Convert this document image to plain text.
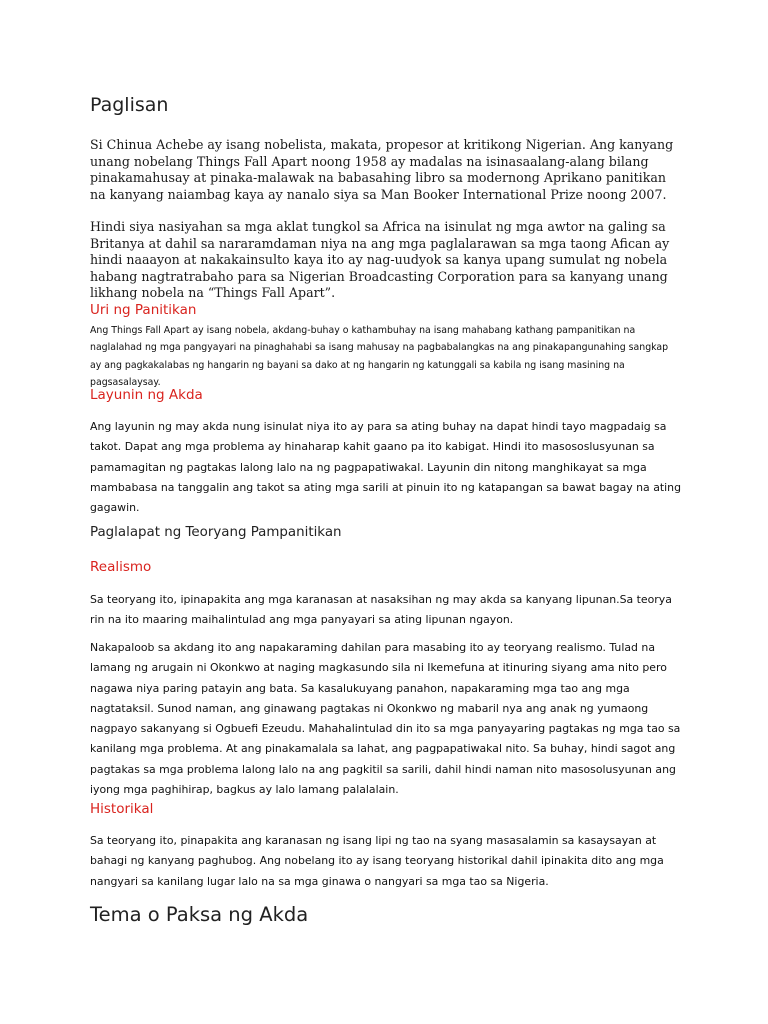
Paglisan

Si Chinua Achebe ay isang nobelista, makata, propesor at kritikong Nigerian. Ang kanyang unang nobelang Things Fall Apart noong 1958 ay madalas na isinasaalang-alang bilang pinakamahusay at pinaka-malawak na babasahing libro sa modernong Aprikano panitikan na kanyang naiambag kaya ay nanalo siya sa Man Booker International Prize noong 2007.

Hindi siya nasiyahan sa mga aklat tungkol sa Africa na isinulat ng mga awtor na galing sa Britanya at dahil sa nararamdaman niya na ang mga paglalarawan sa mga taong Afican ay hindi naaayon at nakakainsulto kaya ito ay nag-uudyok sa kanya upang sumulat ng nobela habang nagtratrabaho para sa Nigerian Broadcasting Corporation para sa kanyang unang likhang nobela na “Things Fall Apart”.

Uri ng Panitikan

Ang Things Fall Apart ay isang nobela, akdang-buhay o kathambuhay na isang mahabang kathang pampanitikan na naglalahad ng mga pangyayari na pinaghahabi sa isang mahusay na pagbabalangkas na ang pinakapangunahing sangkap ay ang pagkakalabas ng hangarin ng bayani sa dako at ng hangarin ng katunggali sa kabila ng isang masining na pagsasalaysay.

Layunin ng Akda

Ang layunin ng may akda nung isinulat niya ito ay para sa ating buhay na dapat hindi tayo magpadaig sa takot. Dapat ang mga problema ay hinaharap kahit gaano pa ito kabigat. Hindi ito masososlusyunan sa pamamagitan ng pagtakas lalong lalo na ng pagpapatiwakal. Layunin din nitong manghikayat sa mga mambabasa na tanggalin ang takot sa ating mga sarili at pinuin ito ng katapangan sa bawat bagay na ating gagawin.

Paglalapat ng Teoryang Pampanitikan
Realismo

Sa teoryang ito, ipinapakita ang mga karanasan at nasaksihan ng may akda sa kanyang lipunan.Sa teorya rin na ito maaring maihalintulad ang mga panyayari sa ating lipunan ngayon.

Nakapaloob sa akdang ito ang napakaraming dahilan para masabing ito ay teoryang realismo. Tulad na lamang ng arugain ni Okonkwo at naging magkasundo sila ni Ikemefuna at itinuring siyang ama nito pero nagawa niya paring patayin ang bata. Sa kasalukuyang panahon, napakaraming mga tao ang mga nagtataksil. Sunod naman, ang ginawang pagtakas ni Okonkwo ng mabaril nya ang anak ng yumaong nagpayo sakanyang si Ogbuefi Ezeudu. Mahahalintulad din ito sa mga panyayaring pagtakas ng mga tao sa kanilang mga problema. At ang pinakamalala sa lahat, ang pagpapatiwakal nito. Sa buhay, hindi sagot ang pagtakas sa mga problema lalong lalo na ang pagkitil sa sarili, dahil hindi naman nito masosolusyunan ang iyong mga paghihirap, bagkus ay lalo lamang palalalain.

Historikal

Sa teoryang ito, pinapakita ang karanasan ng isang lipi ng tao na syang masasalamin sa kasaysayan at bahagi ng kanyang paghubog. Ang nobelang ito ay isang teoryang historikal dahil ipinakita dito ang mga nangyari sa kanilang lugar lalo na sa mga ginawa o nangyari sa mga tao sa Nigeria.

Tema o Paksa ng Akda
